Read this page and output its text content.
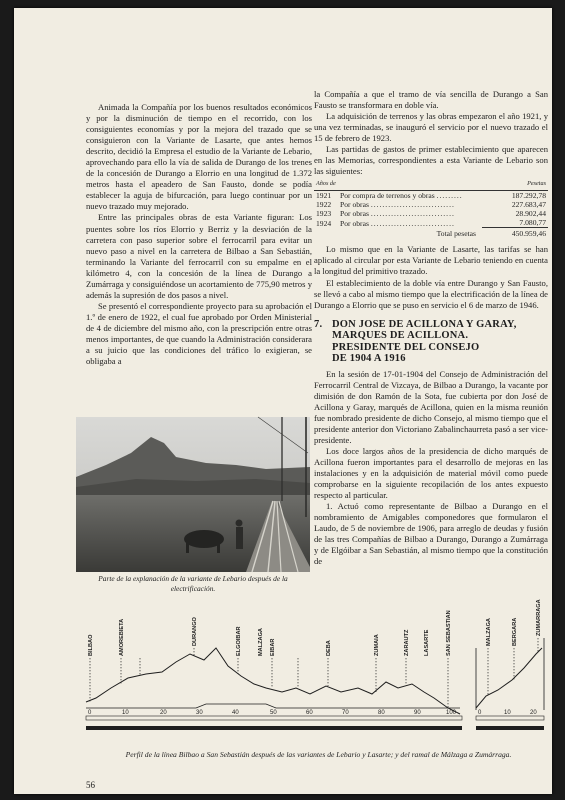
Animada la Compañía por los buenos resultados económicos y por la disminución de tiempo en el recorrido, con los consiguientes economías y por la mejora del trazado que se consiguieron con la Variante de Lasarte, que antes hemos descrito, decidió la Empresa el estudio de la Variante de Lebario, aprovechando para ello la vía de salida de Durango de los trenes de la concesión de Durango a Elorrio en una longitud de 1.372 metros hasta el apeadero de San Fausto, donde se podía establecer la aguja de bifurcación, para luego continuar por un nuevo trazado muy mejorado.

Entre las principales obras de esta Variante figuran: Los puentes sobre los ríos Elorrio y Berriz y la desviación de la carretera con paso superior sobre el ferrocarril para evitar un nuevo paso a nivel en la carretera de Bilbao a San Sebastián, terminando la Variante del ferrocarril con su empalme en el kilómetro 4, con la concesión de la línea de Durango a Zumárraga y consiguiéndose un acortamiento de 775,90 metros y además la supresión de dos pasos a nivel.

Se presentó el correspondiente proyecto para su aprobación el 1.º de enero de 1922, el cual fue aprobado por Orden Ministerial de 4 de diciembre del mismo año, con la prescripción entre otras menos importantes, de que cuando la Administración considerara a su juicio que las condiciones del tráfico lo exigieran, se obligaba a

la Compañía a que el tramo de vía sencilla de Durango a San Fausto se transformara en doble vía.

La adquisición de terrenos y las obras empezaron el año 1921, y una vez terminadas, se inauguró el servicio por el nuevo trazado el 15 de febrero de 1923.

Las partidas de gastos de primer establecimiento que aparecen en las Memorias, correspondientes a esta Variante de Lebario son las siguientes:

Años de		Pesetas
1921	Por compra de terrenos y obras .........	187.292,78
1922	Por obras .............................	227.683,47
1923	Por obras .............................	28.902,44
1924	Por obras .............................	7.080,77
	Total pesetas	450.959,46

Lo mismo que en la Variante de Lasarte, las tarifas se han aplicado al circular por esta Variante de Lebario teniendo en cuenta la longitud del primitivo trazado.

El establecimiento de la doble vía entre Durango y San Fausto, se llevó a cabo al mismo tiempo que la electrificación de la línea de Durango a Elorrio que se puso en servicio el 6 de marzo de 1946.

7. DON JOSE DE ACILLONA Y GARAY,
MARQUES DE ACILLONA.
PRESIDENTE DEL CONSEJO
DE 1904 A 1916

En la sesión de 17-01-1904 del Consejo de Administración del Ferrocarril Central de Vizcaya, de Bilbao a Durango, la vacante por dimisión de don Ramón de la Sota, fue cubierta por don José de Acillona y Garay, marqués de Acillona, quien en la misma reunión fue nombrado presidente de dicho Consejo, al mismo tiempo que el presidente anterior don Victoriano Zabalinchaurreta pasó a ser vice-presidente.

Los doce largos años de la presidencia de dicho marqués de Acillona fueron importantes para el desarrollo de mejoras en las instalaciones y en la adquisición de material móvil como puede comprobarse en la siguiente recopilación de los antes expuesto respecto al particular.

1. Actuó como representante de Bilbao a Durango en el nombramiento de Amigables componedores que formularon el Laudo, de 5 de noviembre de 1906, para arreglo de deudas y fusión de las tres Compañías de Bilbao a Durango, Durango a Zumárraga y de Elgóibar a San Sebastián, al mismo tiempo que la constitución de

Parte de la explanación de la variante de Lebario después de la electrificación.
BILBAO	AMOREBIETA	DURANGO	ELGOIBAR	MALZAGA EIBAR	DEBA	ZUMAIA	ZARAUTZ	LASARTE	SAN SEBASTIAN	MALZAGA	BERGARA	ZUMARRAGA
0	10	20	30	40	50	60	70	80	90	100	0	10	20
Perfil de la línea Bilbao a San Sebastián después de las variantes de Lebario y Lasarte; y del ramal de Málzaga a Zumárraga.
56
